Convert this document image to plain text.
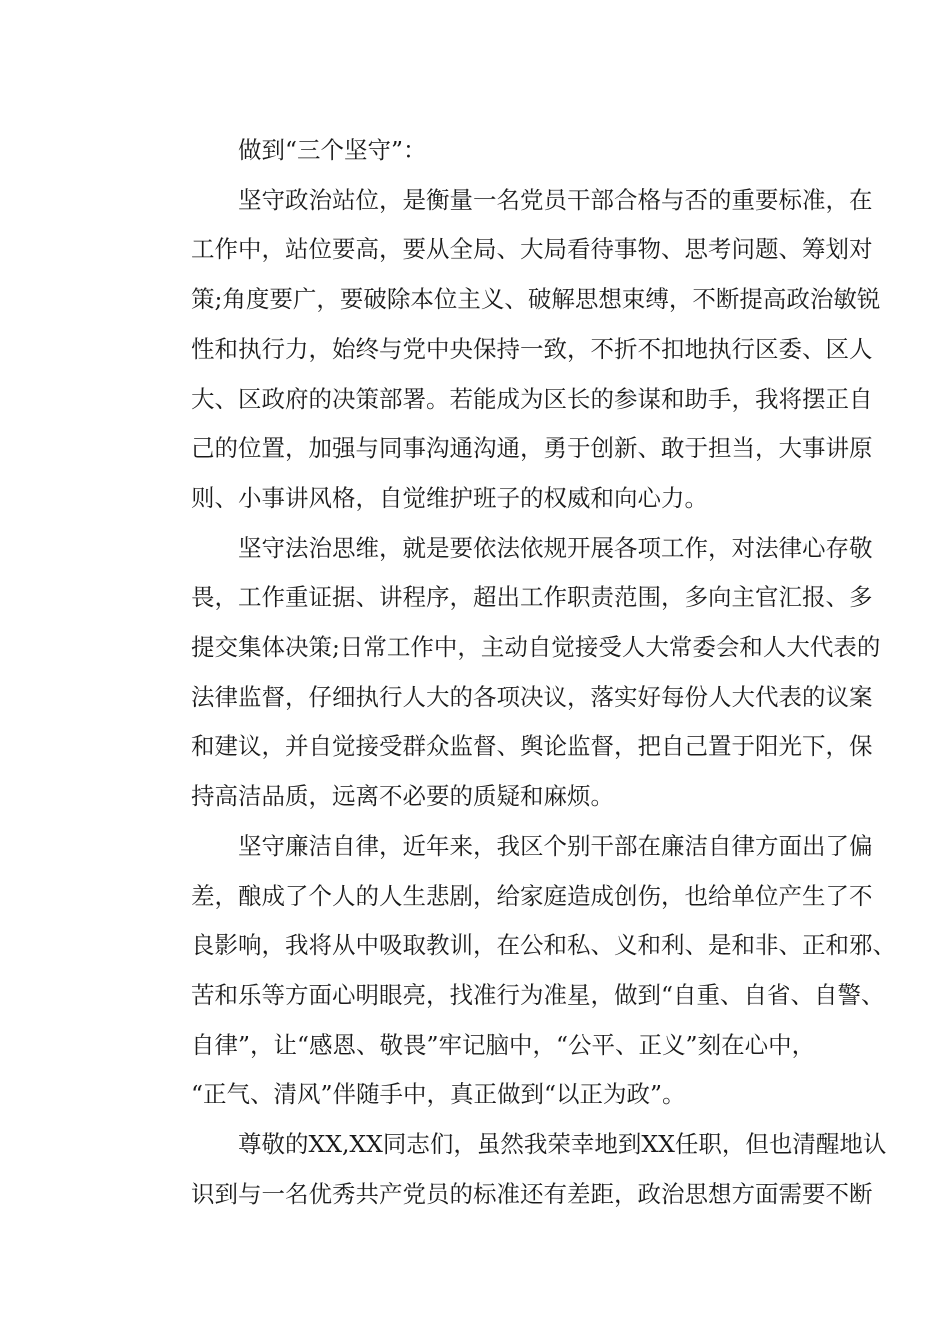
做到“三个坚守”：
坚守政治站位，是衡量一名党员干部合格与否的重要标准，在
工作中，站位要高，要从全局、大局看待事物、思考问题、筹划对
策;角度要广，要破除本位主义、破解思想束缚，不断提高政治敏锐
性和执行力，始终与党中央保持一致，不折不扣地执行区委、区人
大、区政府的决策部署。若能成为区长的参谋和助手，我将摆正自
己的位置，加强与同事沟通沟通，勇于创新、敢于担当，大事讲原
则、小事讲风格，自觉维护班子的权威和向心力。
坚守法治思维，就是要依法依规开展各项工作，对法律心存敬
畏，工作重证据、讲程序，超出工作职责范围，多向主官汇报、多
提交集体决策;日常工作中，主动自觉接受人大常委会和人大代表的
法律监督，仔细执行人大的各项决议，落实好每份人大代表的议案
和建议，并自觉接受群众监督、舆论监督，把自己置于阳光下，保
持高洁品质，远离不必要的质疑和麻烦。
坚守廉洁自律，近年来，我区个别干部在廉洁自律方面出了偏
差，酿成了个人的人生悲剧，给家庭造成创伤，也给单位产生了不
良影响，我将从中吸取教训，在公和私、义和利、是和非、正和邪、
苦和乐等方面心明眼亮，找准行为准星，做到“自重、自省、自警、
自律”，让“感恩、敬畏”牢记脑中，“公平、正义”刻在心中，
“正气、清风”伴随手中，真正做到“以正为政”。
尊敬的XX,XX同志们，虽然我荣幸地到XX任职，但也清醒地认
识到与一名优秀共产党员的标准还有差距，政治思想方面需要不断
